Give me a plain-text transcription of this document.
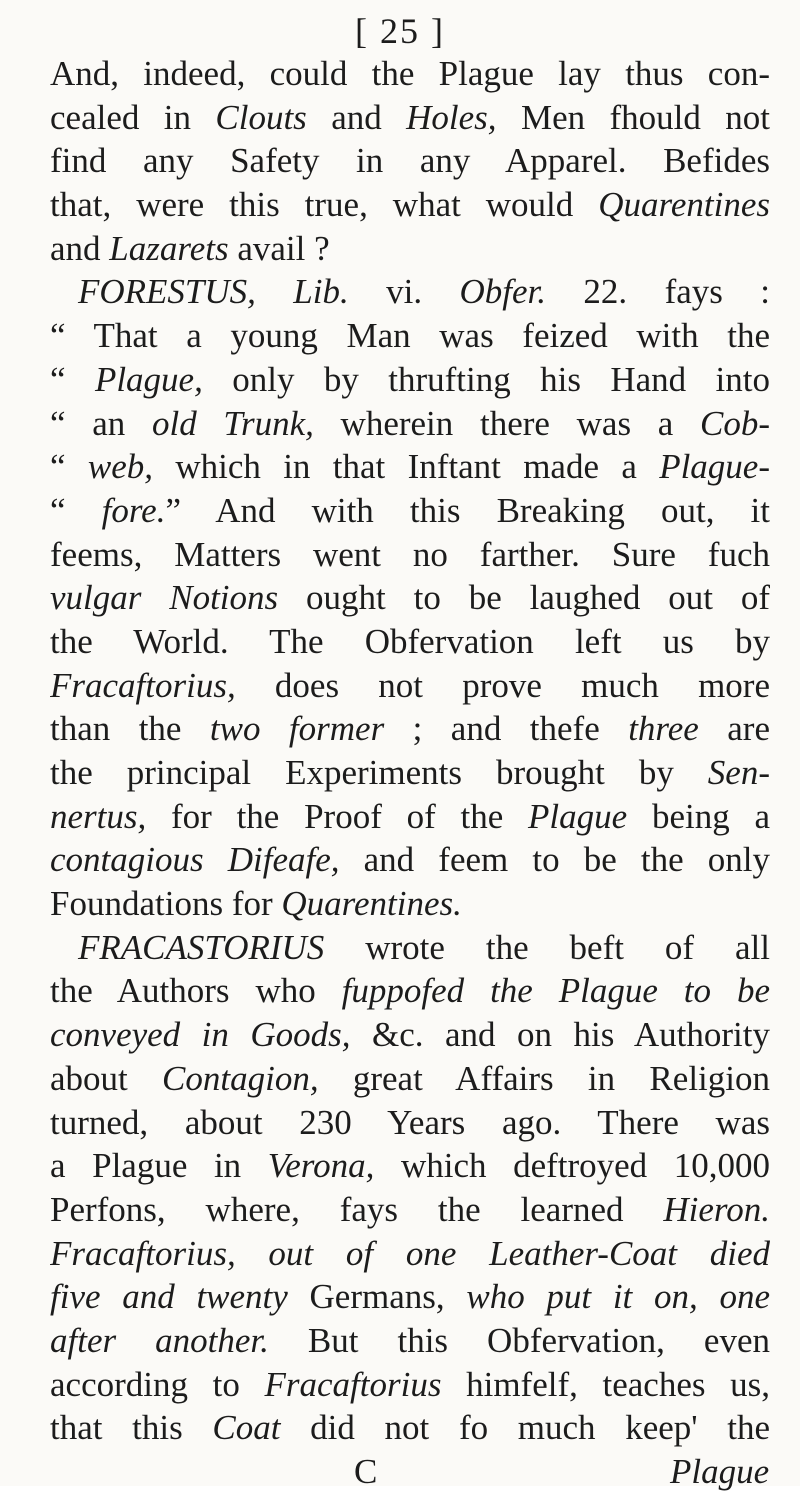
[ 25 ]
And, indeed, could the Plague lay thus con-
cealed in Clouts and Holes, Men fhould not
find any Safety in any Apparel. Befides
that, were this true, what would Quarentines
and Lazarets avail ?
FORESTUS, Lib. vi. Obfer. 22. fays :
“ That a young Man was feized with the
“ Plague, only by thrufting his Hand into
“ an old Trunk, wherein there was a Cob-
“ web, which in that Inftant made a Plague-
“ fore.” And with this Breaking out, it
feems, Matters went no farther. Sure fuch
vulgar Notions ought to be laughed out of
the World. The Obfervation left us by
Fracaftorius, does not prove much more
than the two former ; and thefe three are
the principal Experiments brought by Sen-
nertus, for the Proof of the Plague being a
contagious Difeafe, and feem to be the only
Foundations for Quarentines.
FRACASTORIUS wrote the beft of all
the Authors who fuppofed the Plague to be
conveyed in Goods, &c. and on his Authority
about Contagion, great Affairs in Religion
turned, about 230 Years ago. There was
a Plague in Verona, which deftroyed 10,000
Perfons, where, fays the learned Hieron.
Fracaftorius, out of one Leather-Coat died
five and twenty Germans, who put it on, one
after another. But this Obfervation, even
according to Fracaftorius himfelf, teaches us,
that this Coat did not fo much keep' the
C	Plague
